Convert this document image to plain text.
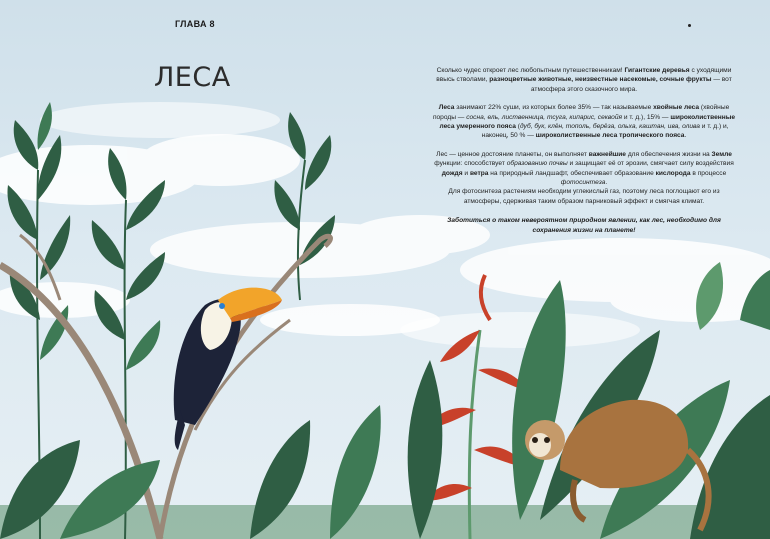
ГЛАВА 8
ЛЕСА	Сколько чудес откроет лес любопытным путешественникам! Гигантские деревья с уходящими ввысь стволами, разноцветные животные, неизвестные насекомые, сочные фрукты — вот атмосфера этого сказочного мира.

Леса занимают 22% суши, из которых более 35% — так называемые хвойные леса (хвойные породы — сосна, ель, лиственница, тсуга, кипарис, секвойя и т. д.), 15% — широколиственные леса умеренного пояса (дуб, бук, клён, тополь, берёза, ольха, каштан, ива, олива и т. д.) и, наконец, 50 % — широколиственные леса тропического пояса.

Лес — ценное достояние планеты, он выполняет важнейшие для обеспечения жизни на Земле функции: способствует образованию почвы и защищает её от эрозии, смягчает силу воздействия дождя и ветра на природный ландшафт, обеспечивает образование кислорода в процессе фотосинтеза.

Для фотосинтеза растениям необходим углекислый газ, поэтому леса поглощают его из атмосферы, сдерживая таким образом парниковый эффект и смягчая климат.

Заботиться о таком невероятном природном явлении, как лес, необходимо для сохранения жизни на планете!
